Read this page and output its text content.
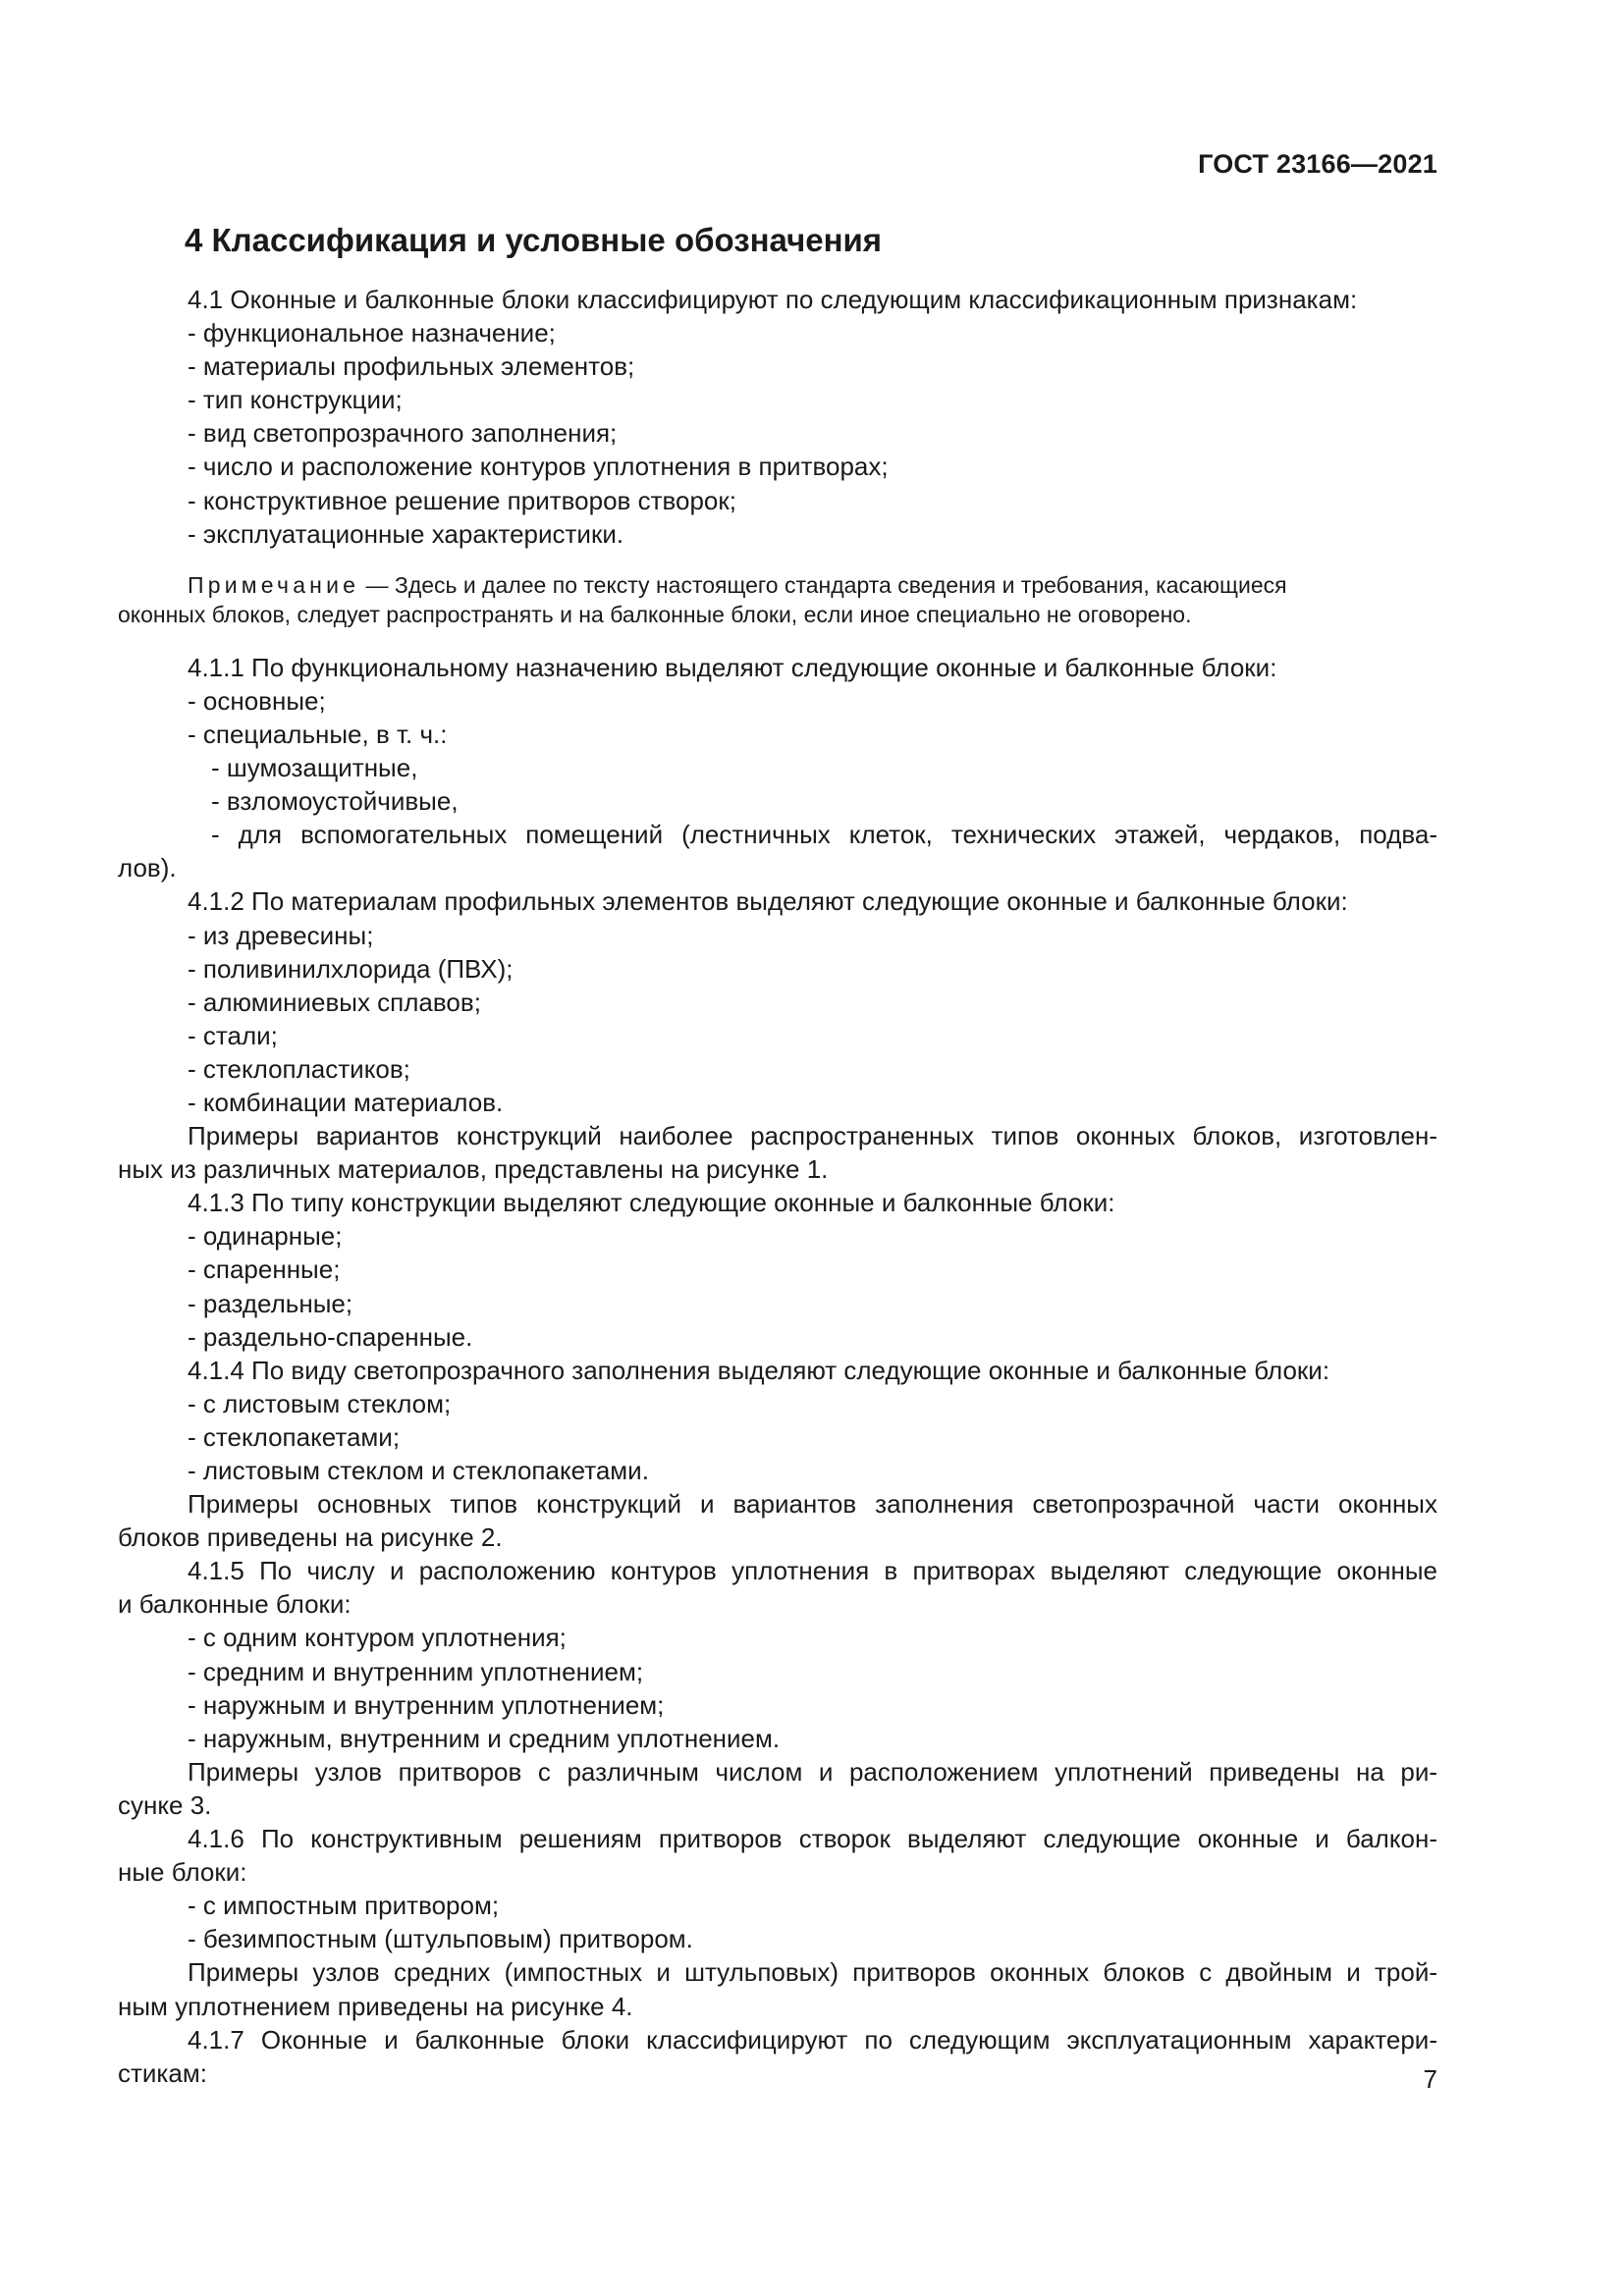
ГОСТ 23166—2021
4 Классификация и условные обозначения
4.1 Оконные и балконные блоки классифицируют по следующим классификационным признакам:
- функциональное назначение;
- материалы профильных элементов;
- тип конструкции;
- вид светопрозрачного заполнения;
- число и расположение контуров уплотнения в притворах;
- конструктивное решение притворов створок;
- эксплуатационные характеристики.
Примечание — Здесь и далее по тексту настоящего стандарта сведения и требования, касающиеся
оконных блоков, следует распространять и на балконные блоки, если иное специально не оговорено.
4.1.1 По функциональному назначению выделяют следующие оконные и балконные блоки:
- основные;
- специальные, в т. ч.:
- шумозащитные,
- взломоустойчивые,
- для вспомогательных помещений (лестничных клеток, технических этажей, чердаков, подва-
лов).
4.1.2 По материалам профильных элементов выделяют следующие оконные и балконные блоки:
- из древесины;
- поливинилхлорида (ПВХ);
- алюминиевых сплавов;
- стали;
- стеклопластиков;
- комбинации материалов.
Примеры вариантов конструкций наиболее распространенных типов оконных блоков, изготовлен-
ных из различных материалов, представлены на рисунке 1.
4.1.3 По типу конструкции выделяют следующие оконные и балконные блоки:
- одинарные;
- спаренные;
- раздельные;
- раздельно-спаренные.
4.1.4 По виду светопрозрачного заполнения выделяют следующие оконные и балконные блоки:
- с листовым стеклом;
- стеклопакетами;
- листовым стеклом и стеклопакетами.
Примеры основных типов конструкций и вариантов заполнения светопрозрачной части оконных
блоков приведены на рисунке 2.
4.1.5 По числу и расположению контуров уплотнения в притворах выделяют следующие оконные
и балконные блоки:
- с одним контуром уплотнения;
- средним и внутренним уплотнением;
- наружным и внутренним уплотнением;
- наружным, внутренним и средним уплотнением.
Примеры узлов притворов с различным числом и расположением уплотнений приведены на ри-
сунке 3.
4.1.6 По конструктивным решениям притворов створок выделяют следующие оконные и балкон-
ные блоки:
- с импостным притвором;
- безимпостным (штульповым) притвором.
Примеры узлов средних (импостных и штульповых) притворов оконных блоков с двойным и трой-
ным уплотнением приведены на рисунке 4.
4.1.7 Оконные и балконные блоки классифицируют по следующим эксплуатационным характери-
стикам:	7
